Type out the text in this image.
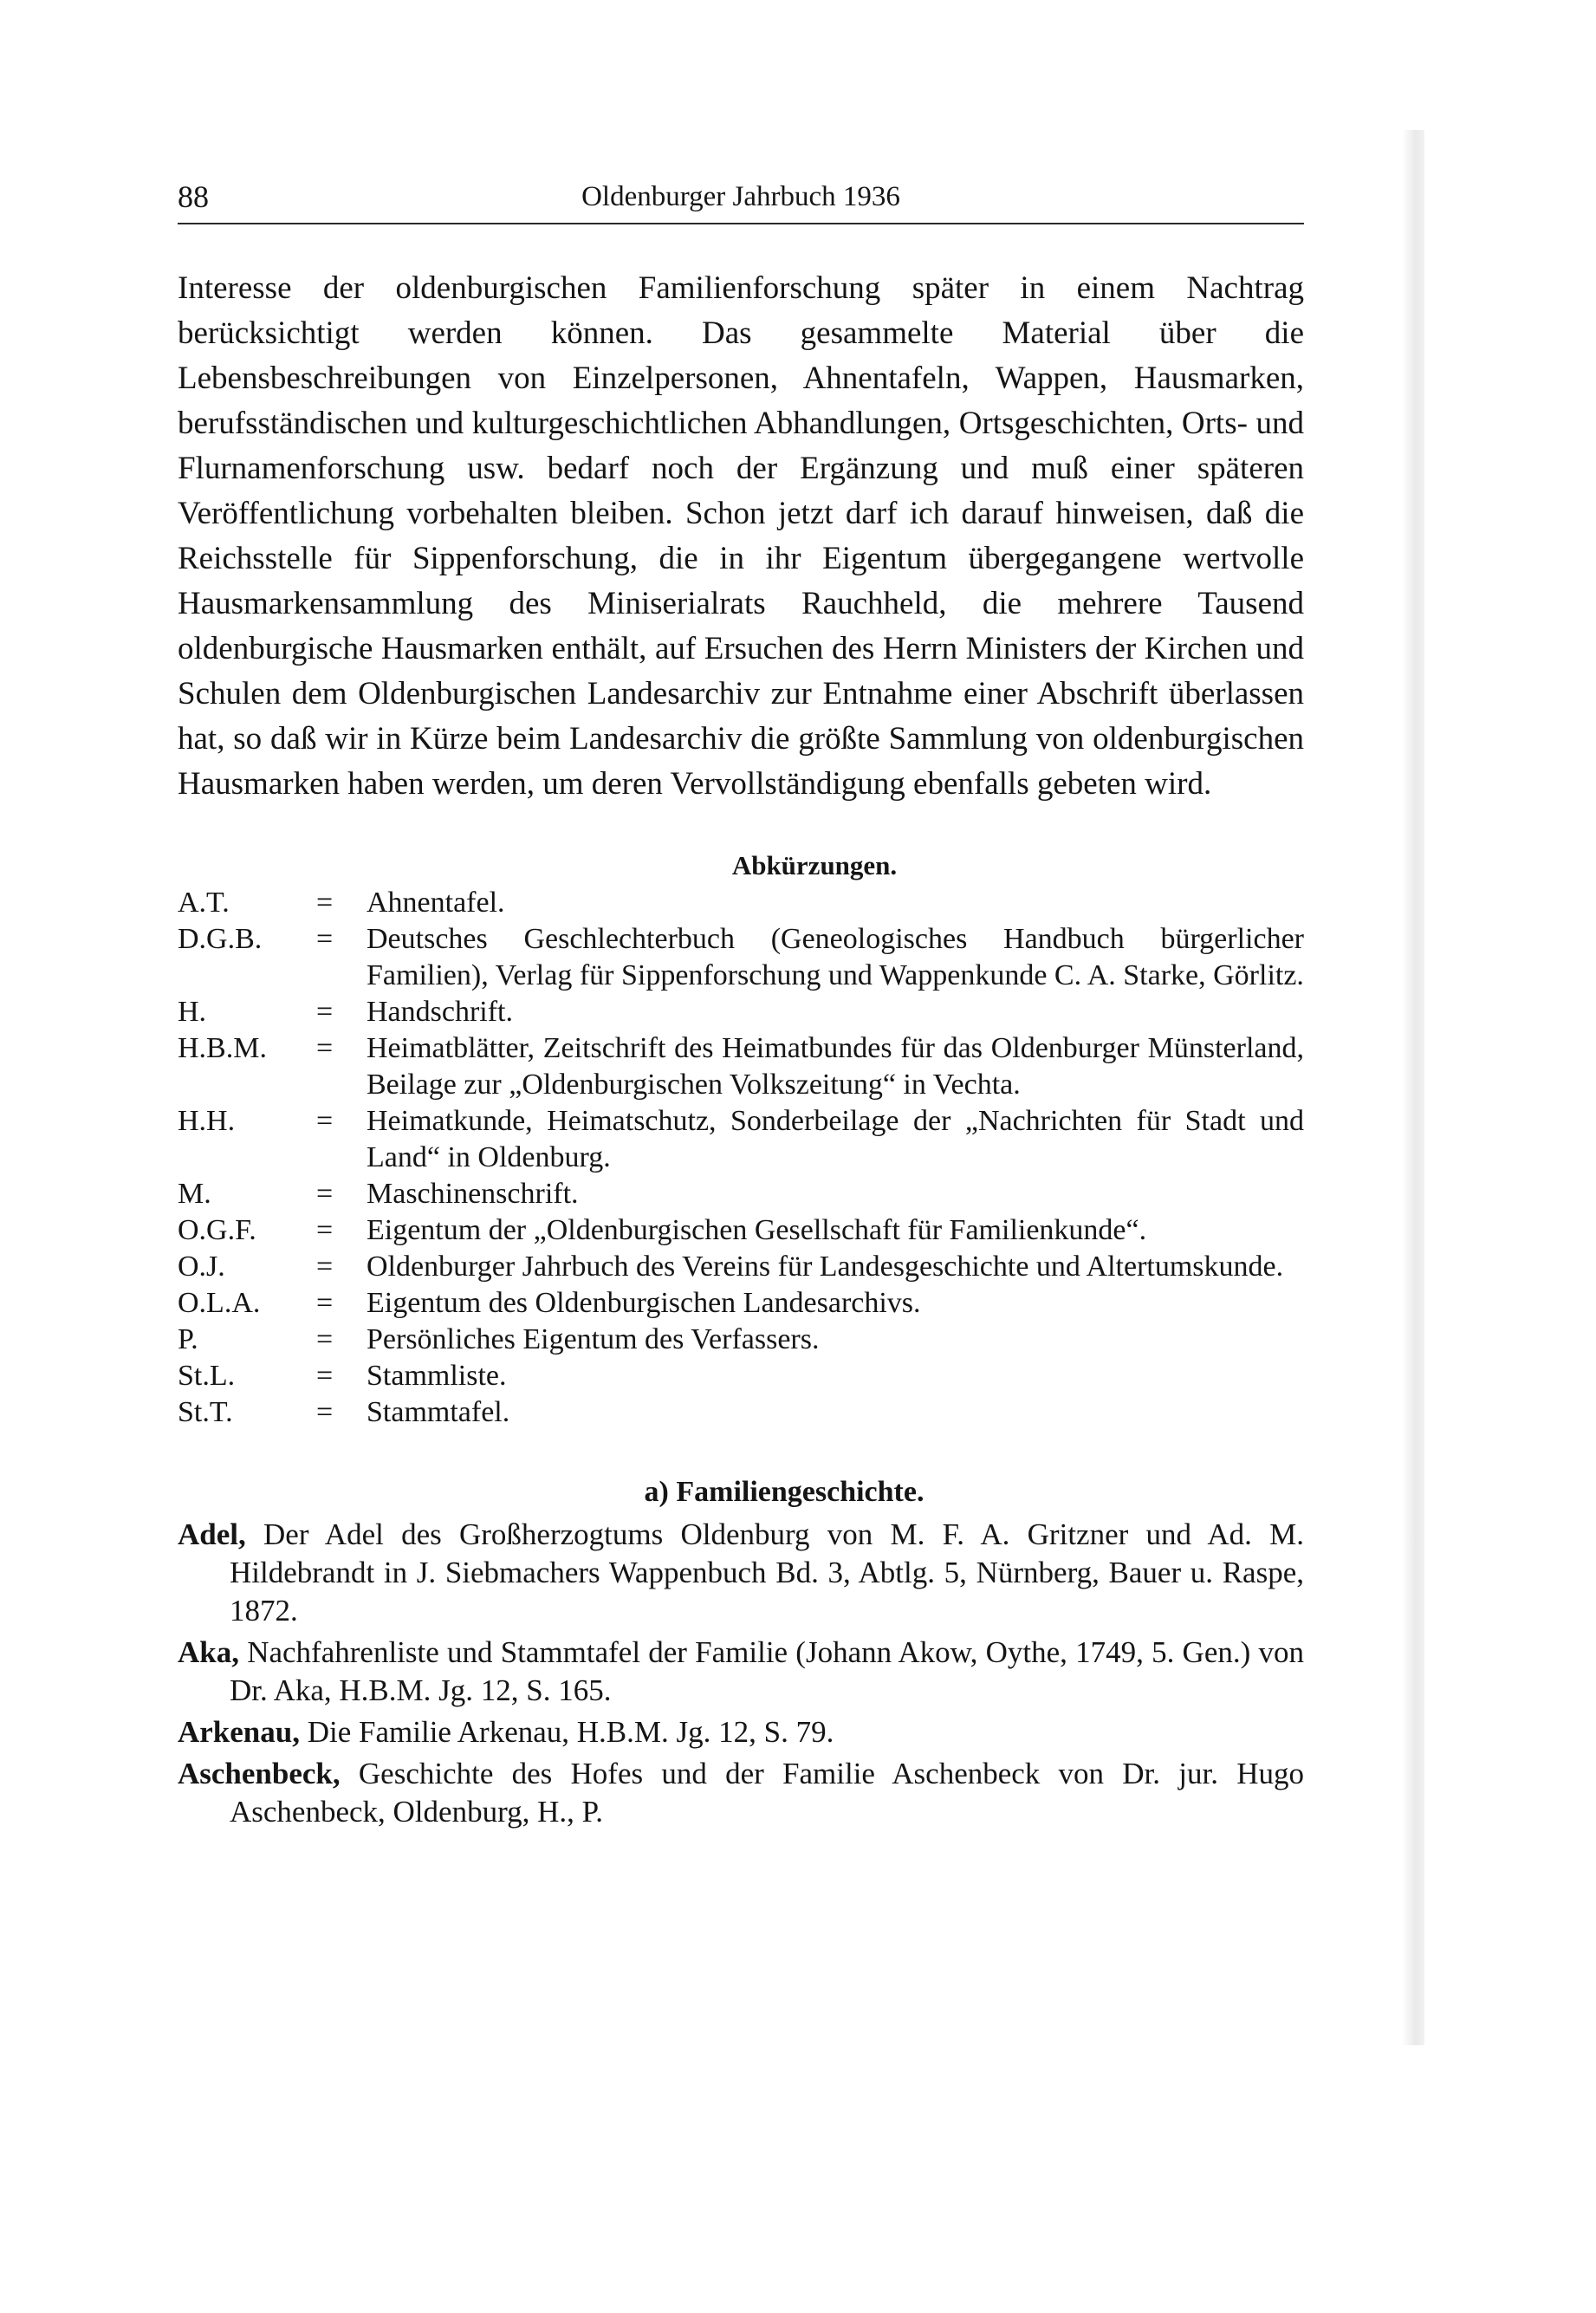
88	Oldenburger Jahrbuch 1936

Interesse der oldenburgischen Familienforschung später in einem Nachtrag berücksichtigt werden können. Das gesammelte Material über die Lebensbeschreibungen von Einzelpersonen, Ahnentafeln, Wappen, Hausmarken, berufsständischen und kulturgeschichtlichen Abhandlungen, Ortsgeschichten, Orts- und Flurnamenforschung usw. bedarf noch der Ergänzung und muß einer späteren Veröffentlichung vorbehalten bleiben. Schon jetzt darf ich darauf hinweisen, daß die Reichsstelle für Sippenforschung, die in ihr Eigentum übergegangene wertvolle Hausmarkensammlung des Miniserialrats Rauchheld, die mehrere Tausend oldenburgische Hausmarken enthält, auf Ersuchen des Herrn Ministers der Kirchen und Schulen dem Oldenburgischen Landesarchiv zur Entnahme einer Abschrift überlassen hat, so daß wir in Kürze beim Landesarchiv die größte Sammlung von oldenburgischen Hausmarken haben werden, um deren Vervollständigung ebenfalls gebeten wird.

Abkürzungen.
A.T.	=	Ahnentafel.
D.G.B.	=	Deutsches Geschlechterbuch (Geneologisches Handbuch bürgerlicher Familien), Verlag für Sippenforschung und Wappenkunde C. A. Starke, Görlitz.
H.	=	Handschrift.
H.B.M.	=	Heimatblätter, Zeitschrift des Heimatbundes für das Oldenburger Münsterland, Beilage zur „Oldenburgischen Volkszeitung“ in Vechta.
H.H.	=	Heimatkunde, Heimatschutz, Sonderbeilage der „Nachrichten für Stadt und Land“ in Oldenburg.
M.	=	Maschinenschrift.
O.G.F.	=	Eigentum der „Oldenburgischen Gesellschaft für Familienkunde“.
O.J.	=	Oldenburger Jahrbuch des Vereins für Landesgeschichte und Altertumskunde.
O.L.A.	=	Eigentum des Oldenburgischen Landesarchivs.
P.	=	Persönliches Eigentum des Verfassers.
St.L.	=	Stammliste.
St.T.	=	Stammtafel.
a) Familiengeschichte.

Adel, Der Adel des Großherzogtums Oldenburg von M. F. A. Gritzner und Ad. M. Hildebrandt in J. Siebmachers Wappenbuch Bd. 3, Abtlg. 5, Nürnberg, Bauer u. Raspe, 1872.

Aka, Nachfahrenliste und Stammtafel der Familie (Johann Akow, Oythe, 1749, 5. Gen.) von Dr. Aka, H.B.M. Jg. 12, S. 165.

Arkenau, Die Familie Arkenau, H.B.M. Jg. 12, S. 79.

Aschenbeck, Geschichte des Hofes und der Familie Aschenbeck von Dr. jur. Hugo Aschenbeck, Oldenburg, H., P.
